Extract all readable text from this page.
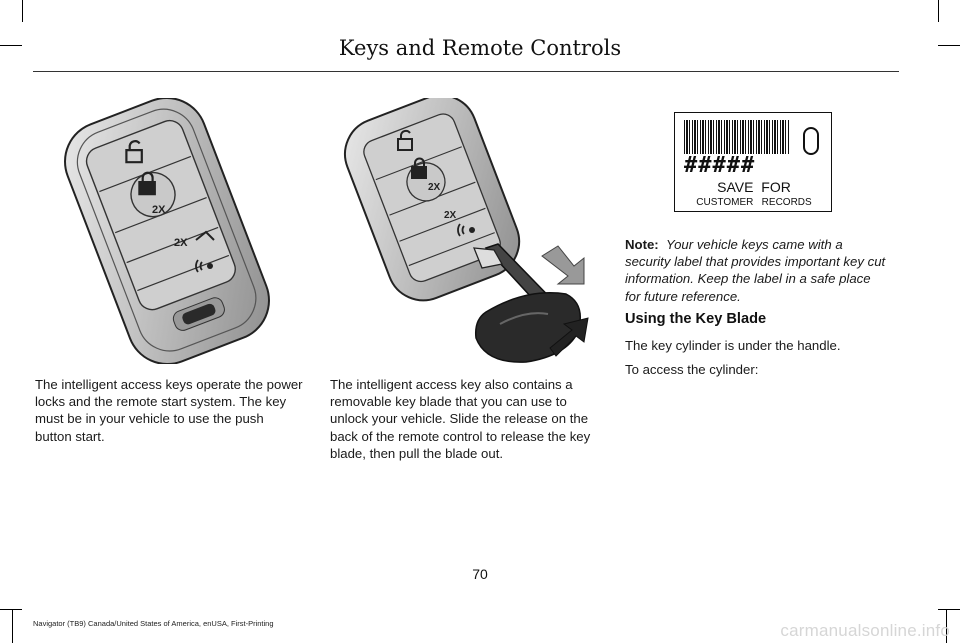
Keys and Remote Controls
2X
2X
2X
2X
#####
SAVE  FOR
CUSTOMER   RECORDS

The intelligent access keys operate the power locks and the remote start system. The key must be in your vehicle to use the push button start.

The intelligent access key also contains a removable key blade that you can use to unlock your vehicle. Slide the release on the back of the remote control to release the key blade, then pull the blade out.

Note: Your vehicle keys came with a security label that provides important key cut information. Keep the label in a safe place for future reference.

Using the Key Blade

The key cylinder is under the handle.

To access the cylinder:

70
Navigator (TB9) Canada/United States of America, enUSA, First-Printing	carmanualsonline.info
